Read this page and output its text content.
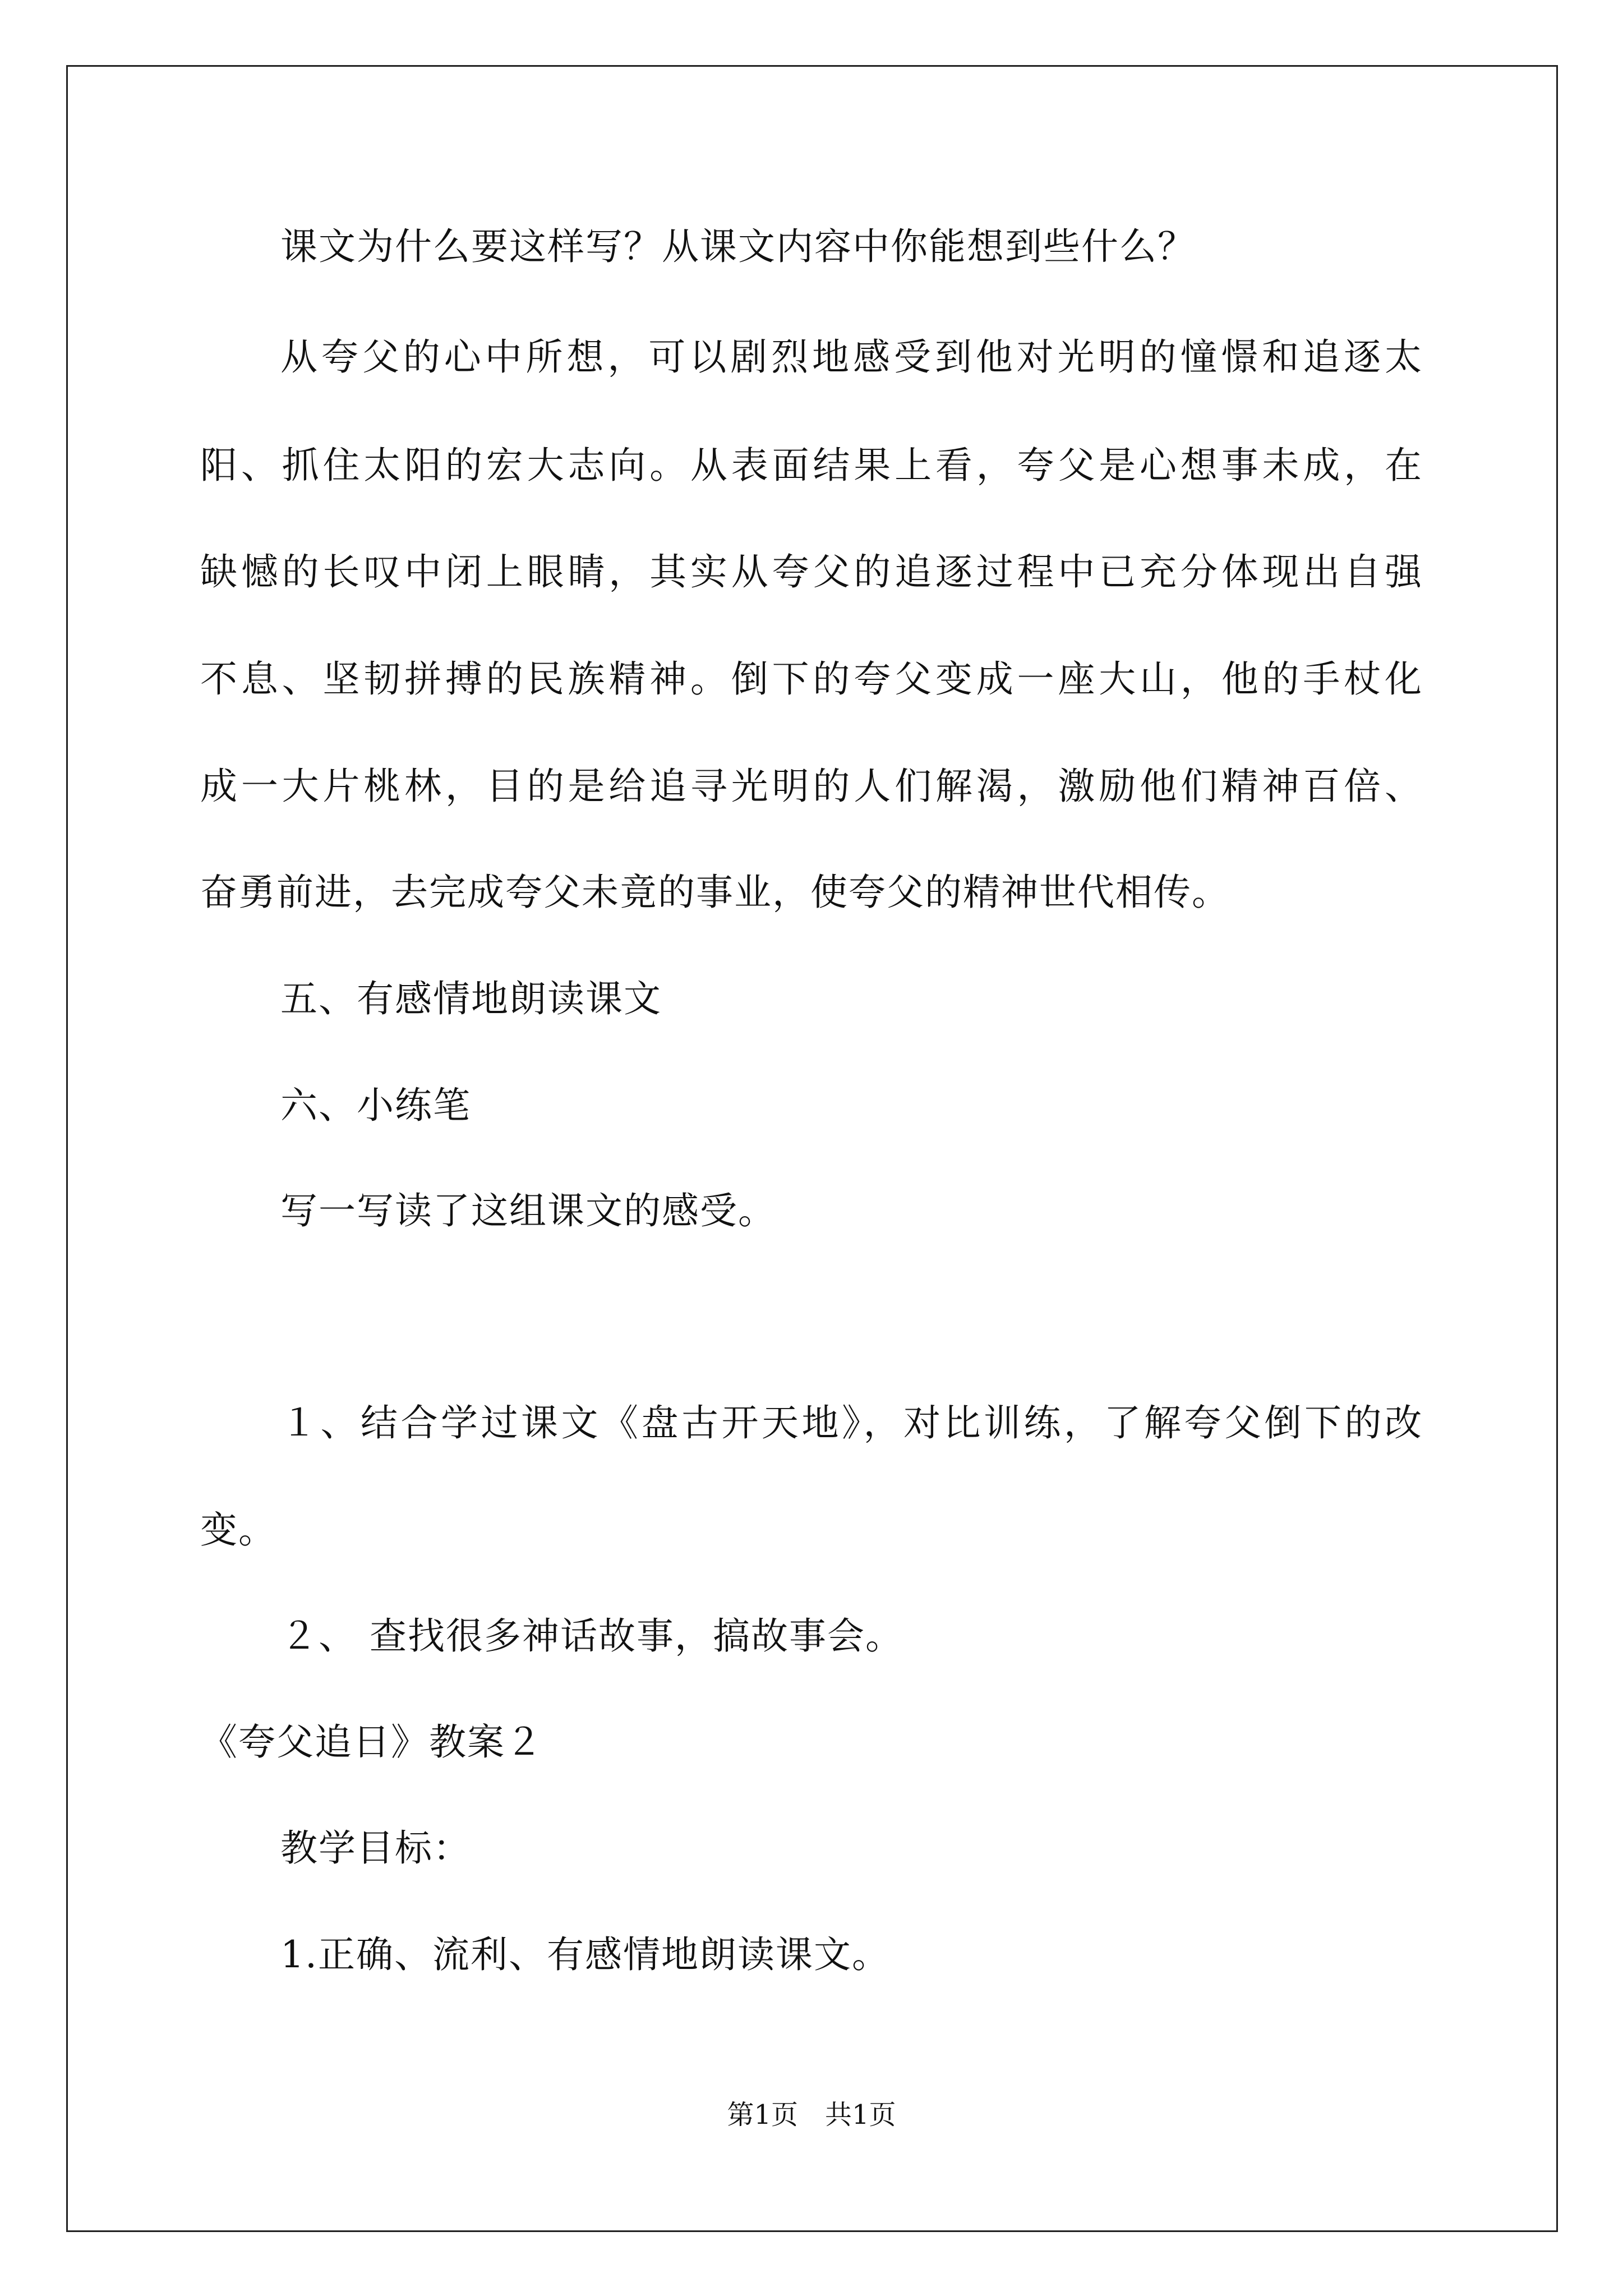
课文为什么要这样写？从课文内容中你能想到些什么？
从夸父的心中所想，可以剧烈地感受到他对光明的憧憬和追逐太
阳、抓住太阳的宏大志向。从表面结果上看，夸父是心想事未成，在
缺憾的长叹中闭上眼睛，其实从夸父的追逐过程中已充分体现出自强
不息、坚韧拼搏的民族精神。倒下的夸父变成一座大山，他的手杖化
成一大片桃林，目的是给追寻光明的人们解渴，激励他们精神百倍、
奋勇前进，去完成夸父未竟的事业，使夸父的精神世代相传。
五、有感情地朗读课文
六、小练笔
写一写读了这组课文的感受。
１、结合学过课文《盘古开天地》，对比训练，了解夸父倒下的改
变。
２、 查找很多神话故事，搞故事会。
《夸父追日》教案２
教学目标：
1.正确、流利、有感情地朗读课文。
第1页　共1页
